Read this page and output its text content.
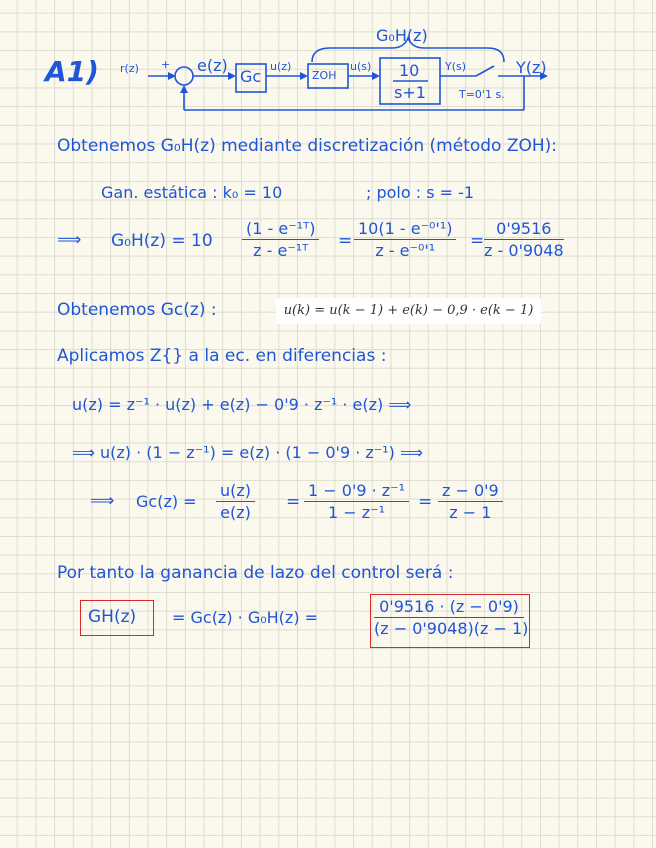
A1)
G₀H(z)
r(z) + e(z)
Gc
u(z)
ZOH
u(s) 10
s+1
Y(s)	Y(z)
T=0'1 s.
Obtenemos G₀H(z) mediante discretización (método ZOH):
Gan. estática : k₀ = 10	; polo : s = -1
⟹ $G_0H(z) = 10 \frac{\text{(1 - e⁻¹ᵀ)}}{\text{z - e⁻¹ᵀ}} = \frac{\text{10(1 - e⁻⁰'¹)}}{\text{z - e⁻⁰'¹}} = \frac{0'9516}{z - 0'9048}$
Obtenemos Gc(z) :	u(k) = u(k − 1) + e(k) − 0,9 · e(k − 1)
Aplicamos Z{} a la ec. en diferencias :
u(z) = z⁻¹ · u(z) + e(z) − 0'9 · z⁻¹ · e(z) ⟹
⟹ u(z) · (1 − z⁻¹) = e(z) · (1 − 0'9 · z⁻¹) ⟹
⟹ $Gc(z) = \frac{u(z)}{e(z)} = \frac{\text{1 − 0'9 · z⁻¹}}{\text{1 − z⁻¹}} = \frac{z - 0'9}{z - 1}$
Por tanto la ganancia de lazo del control será :
GH(z) = Gc(z) · G₀H(z) =	$\frac{0'9516 \cdot (z - 0'9)}{(z - 0'9048)(z - 1)}$
